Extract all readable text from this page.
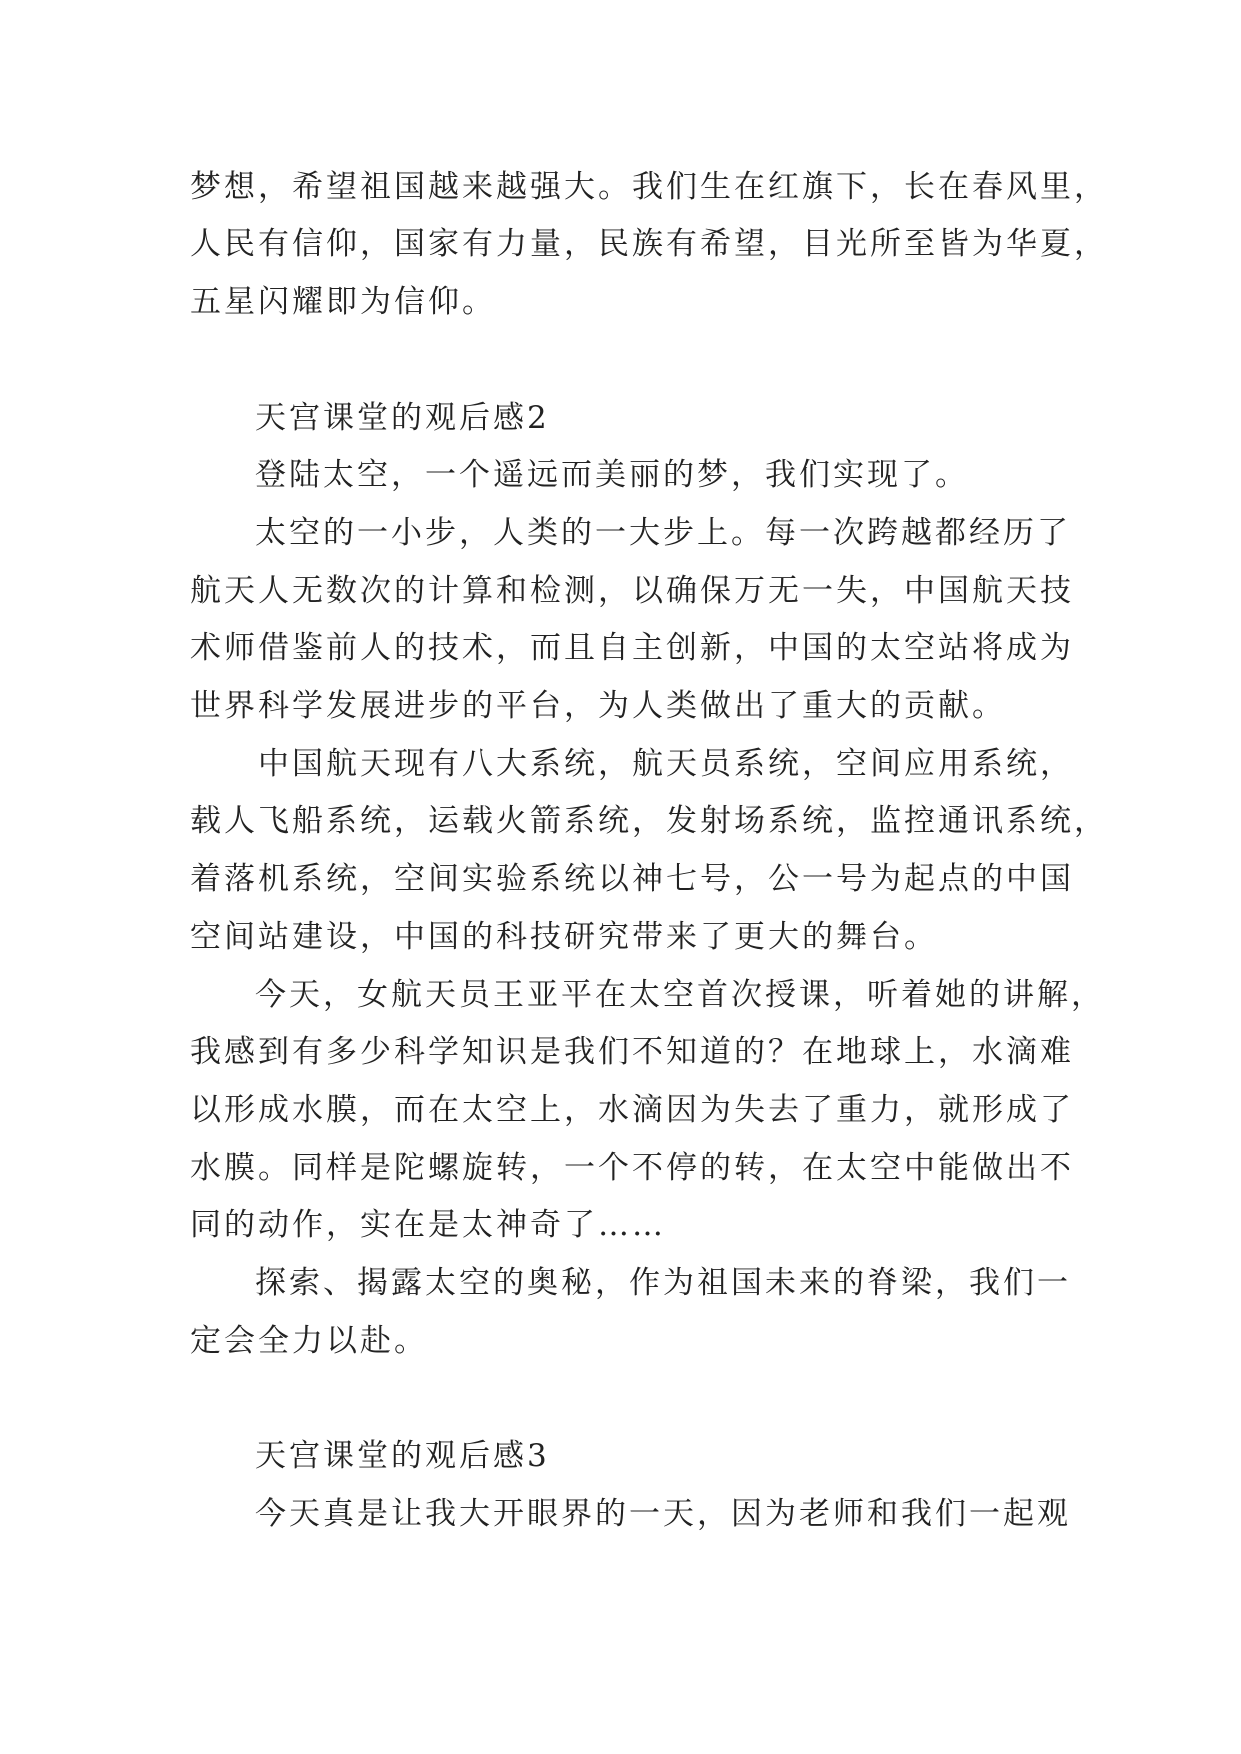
梦想，希望祖国越来越强大。我们生在红旗下，长在春风里，
人民有信仰，国家有力量，民族有希望，目光所至皆为华夏，
五星闪耀即为信仰。
天宫课堂的观后感2
登陆太空，一个遥远而美丽的梦，我们实现了。
太空的一小步，人类的一大步上。每一次跨越都经历了
航天人无数次的计算和检测，以确保万无一失，中国航天技
术师借鉴前人的技术，而且自主创新，中国的太空站将成为
世界科学发展进步的平台，为人类做出了重大的贡献。
中国航天现有八大系统，航天员系统，空间应用系统，
载人飞船系统，运载火箭系统，发射场系统，监控通讯系统，
着落机系统，空间实验系统以神七号，公一号为起点的中国
空间站建设，中国的科技研究带来了更大的舞台。
今天，女航天员王亚平在太空首次授课，听着她的讲解，
我感到有多少科学知识是我们不知道的？在地球上，水滴难
以形成水膜，而在太空上，水滴因为失去了重力，就形成了
水膜。同样是陀螺旋转，一个不停的转，在太空中能做出不
同的动作，实在是太神奇了……
探索、揭露太空的奥秘，作为祖国未来的脊梁，我们一
定会全力以赴。
天宫课堂的观后感3
今天真是让我大开眼界的一天，因为老师和我们一起观
